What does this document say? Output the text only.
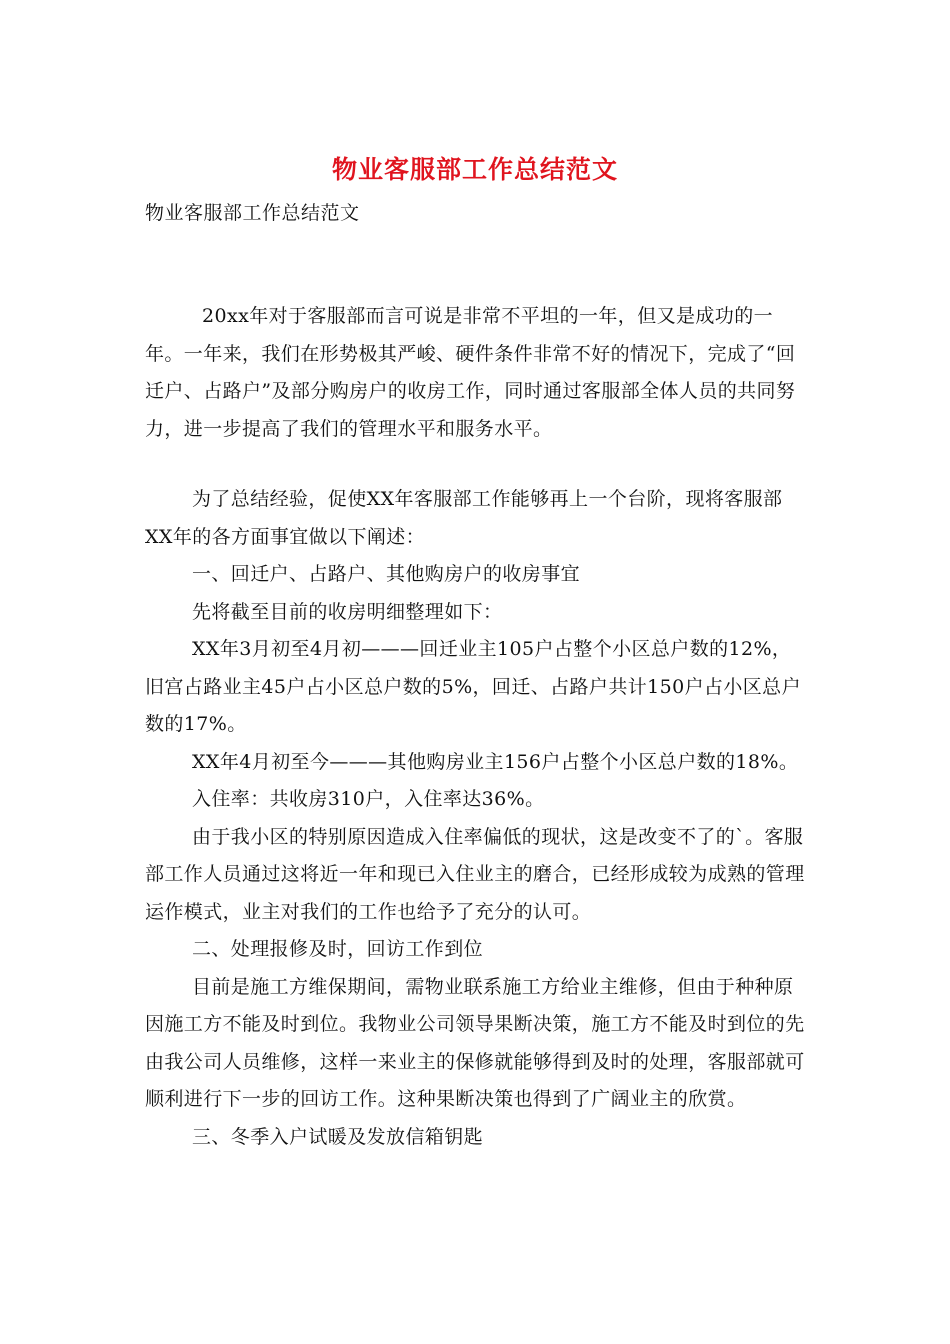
物业客服部工作总结范文
物业客服部工作总结范文

20xx年对于客服部而言可说是非常不平坦的一年，但又是成功的一年。一年来，我们在形势极其严峻、硬件条件非常不好的情况下，完成了“回迁户、占路户”及部分购房户的收房工作，同时通过客服部全体人员的共同努力，进一步提高了我们的管理水平和服务水平。

为了总结经验，促使XX年客服部工作能够再上一个台阶，现将客服部XX年的各方面事宜做以下阐述：

一、回迁户、占路户、其他购房户的收房事宜

先将截至目前的收房明细整理如下：

XX年3月初至4月初———回迁业主105户占整个小区总户数的12%，旧宫占路业主45户占小区总户数的5%，回迁、占路户共计150户占小区总户数的17%。

XX年4月初至今———其他购房业主156户占整个小区总户数的18%。

入住率：共收房310户，入住率达36%。

由于我小区的特别原因造成入住率偏低的现状，这是改变不了的`。客服部工作人员通过这将近一年和现已入住业主的磨合，已经形成较为成熟的管理运作模式，业主对我们的工作也给予了充分的认可。

二、处理报修及时，回访工作到位

目前是施工方维保期间，需物业联系施工方给业主维修，但由于种种原因施工方不能及时到位。我物业公司领导果断决策，施工方不能及时到位的先由我公司人员维修，这样一来业主的保修就能够得到及时的处理，客服部就可顺利进行下一步的回访工作。这种果断决策也得到了广阔业主的欣赏。

三、冬季入户试暖及发放信箱钥匙
